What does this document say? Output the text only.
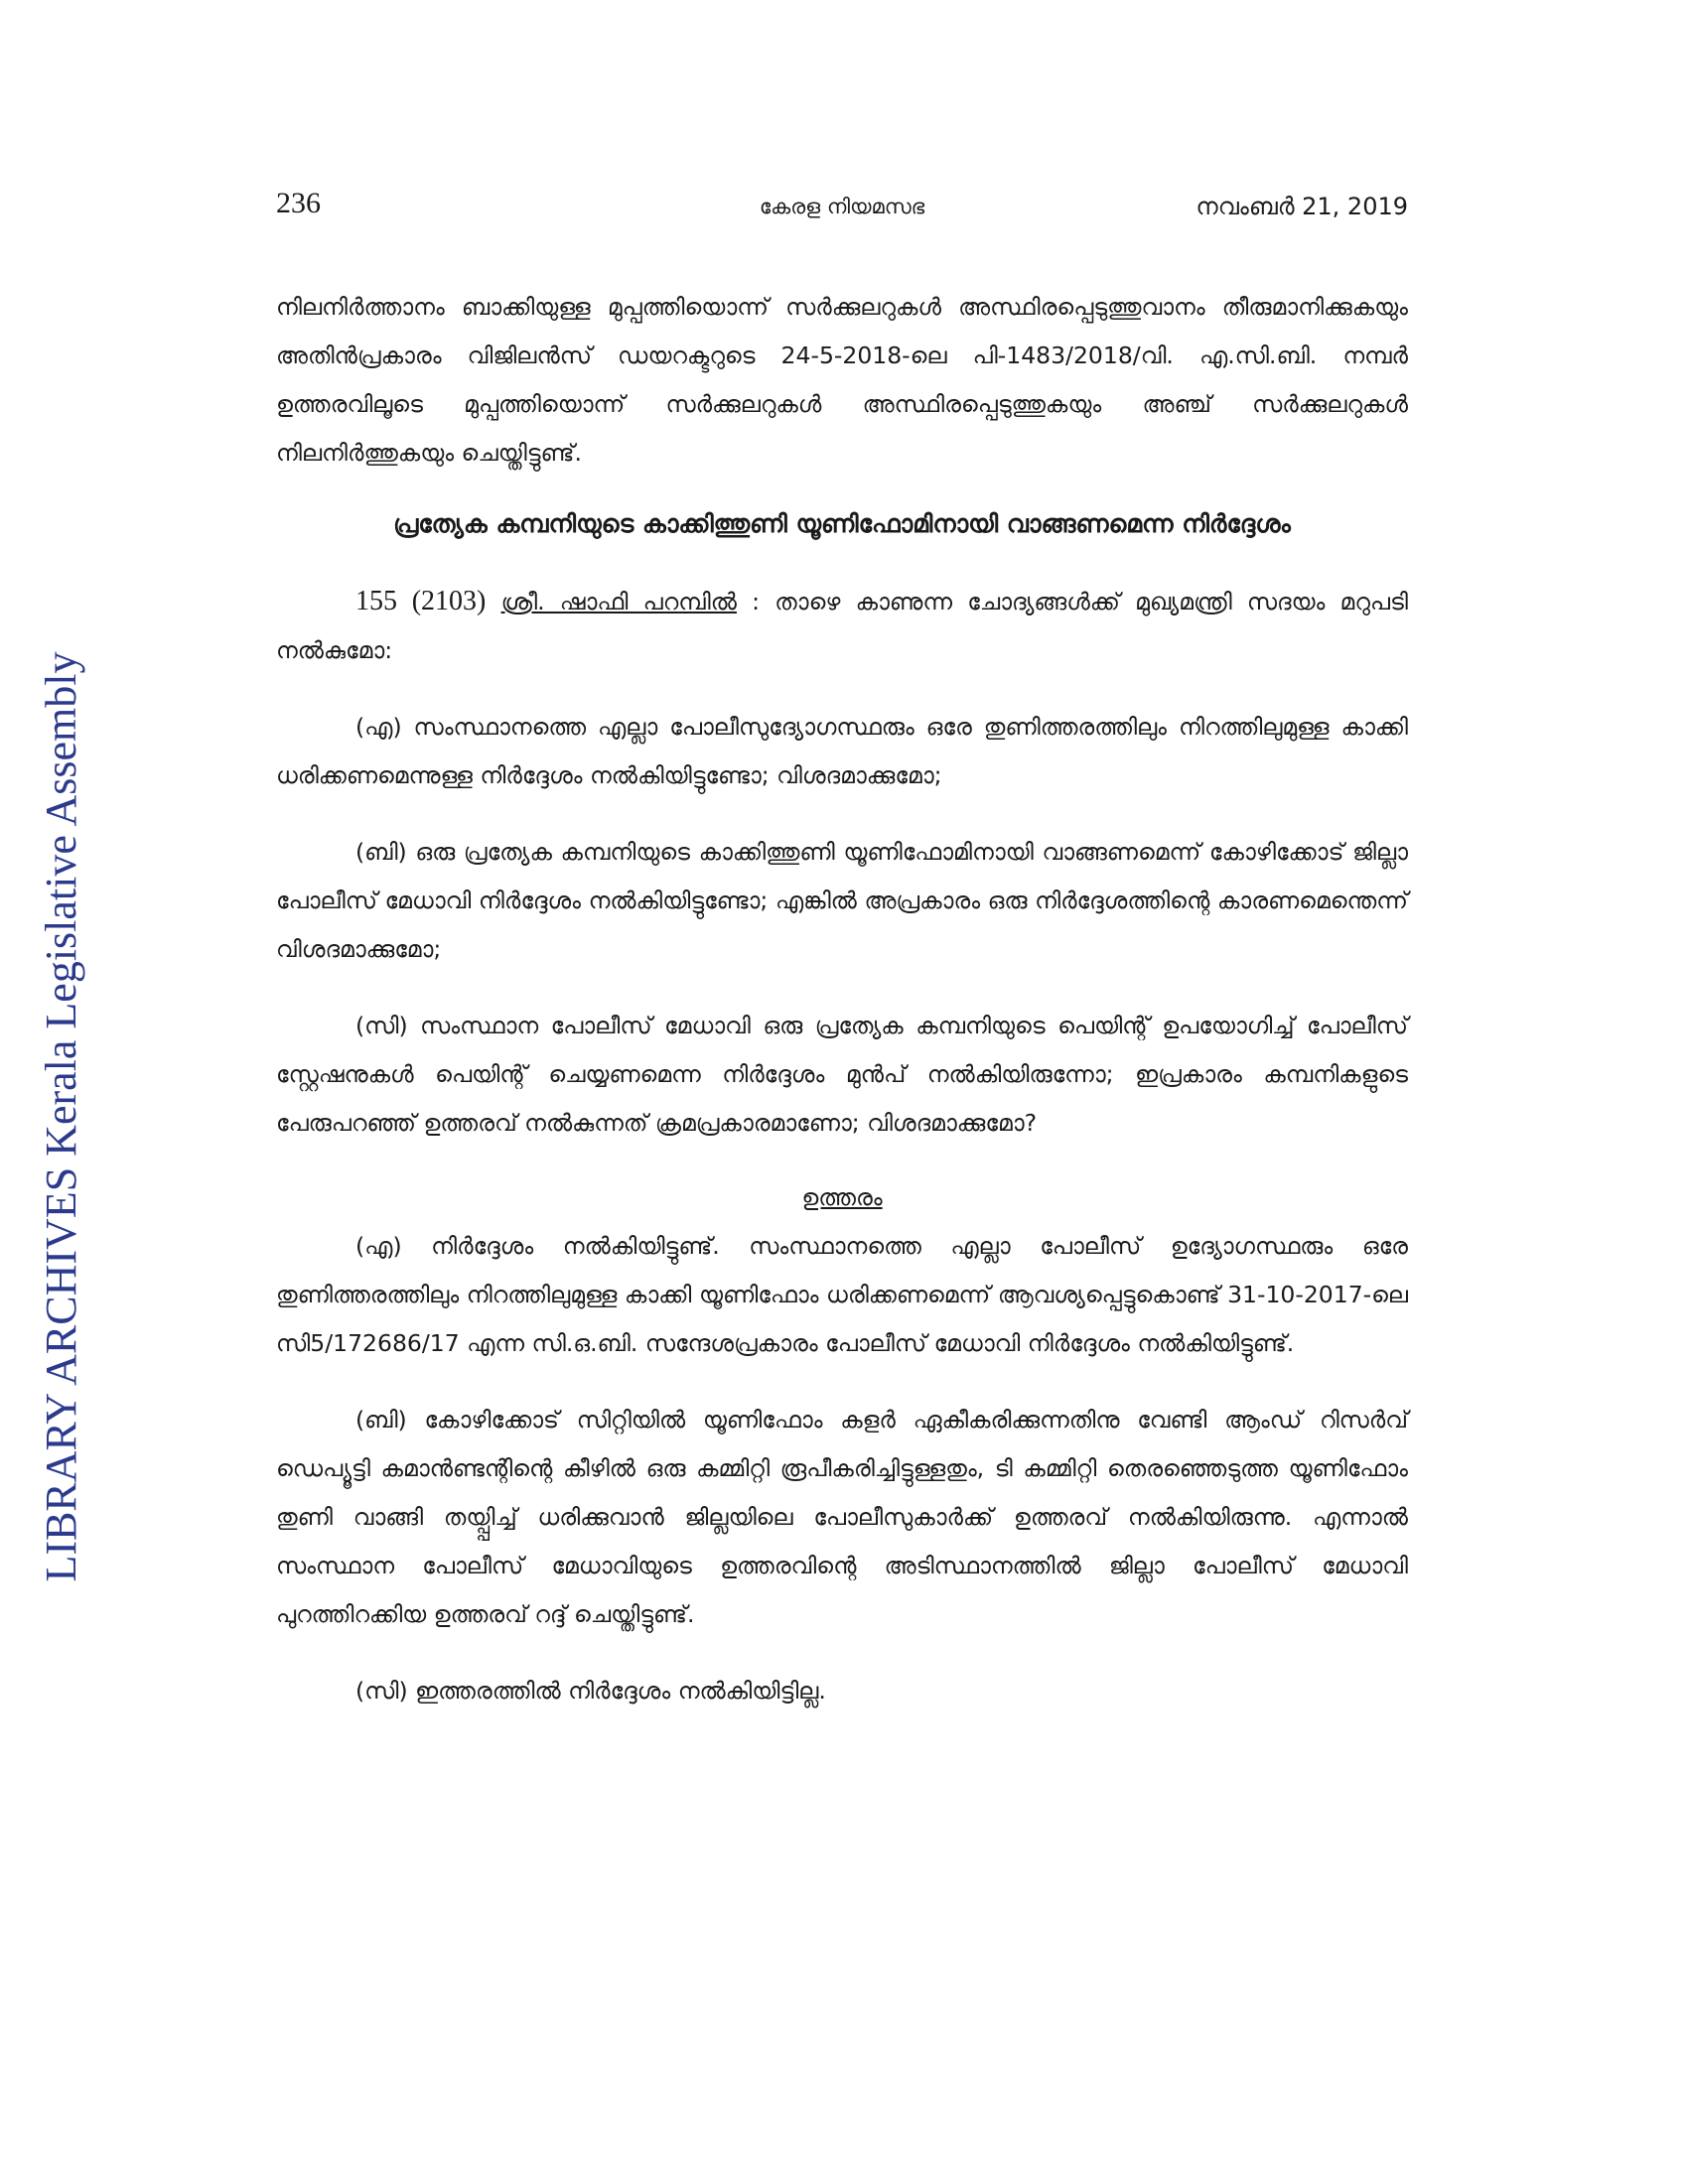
LIBRARY ARCHIVES Kerala Legislative Assembly
236	കേരള നിയമസഭ	നവംബർ 21, 2019

നിലനിർത്താനം ബാക്കിയുള്ള മുപ്പത്തിയൊന്ന് സർക്കുലറുകൾ അസ്ഥിരപ്പെടുത്തുവാനം തീരുമാനിക്കുകയും അതിൻപ്രകാരം വിജിലൻസ് ഡയറക്ടറുടെ 24-5-2018-ലെ പി-1483/2018/വി. എ.സി.ബി. നമ്പർ ഉത്തരവിലൂടെ മുപ്പത്തിയൊന്ന് സർക്കുലറുകൾ അസ്ഥിരപ്പെടുത്തുകയും അഞ്ച് സർക്കുലറുകൾ നിലനിർത്തുകയും ചെയ്തിട്ടുണ്ട്.

പ്രത്യേക കമ്പനിയുടെ കാക്കിത്തുണി യൂണിഫോമിനായി വാങ്ങണമെന്ന നിർദ്ദേശം

155 (2103) ശ്രീ. ഷാഫി പറമ്പിൽ : താഴെ കാണുന്ന ചോദ്യങ്ങൾക്ക് മുഖ്യമന്ത്രി സദയം മറുപടി നൽകുമോ:

(എ) സംസ്ഥാനത്തെ എല്ലാ പോലീസുദ്യോഗസ്ഥരും ഒരേ തുണിത്തരത്തിലും നിറത്തിലുമുള്ള കാക്കി ധരിക്കണമെന്നുള്ള നിർദ്ദേശം നൽകിയിട്ടുണ്ടോ; വിശദമാക്കുമോ;

(ബി) ഒരു പ്രത്യേക കമ്പനിയുടെ കാക്കിത്തുണി യൂണിഫോമിനായി വാങ്ങണമെന്ന് കോഴിക്കോട് ജില്ലാ പോലീസ് മേധാവി നിർദ്ദേശം നൽകിയിട്ടുണ്ടോ; എങ്കിൽ അപ്രകാരം ഒരു നിർദ്ദേശത്തിന്റെ കാരണമെന്തെന്ന് വിശദമാക്കുമോ;

(സി) സംസ്ഥാന പോലീസ് മേധാവി ഒരു പ്രത്യേക കമ്പനിയുടെ പെയിന്റ് ഉപയോഗിച്ച് പോലീസ് സ്റ്റേഷനുകൾ പെയിന്റ് ചെയ്യണമെന്ന നിർദ്ദേശം മുൻപ് നൽകിയിരുന്നോ; ഇപ്രകാരം കമ്പനികളുടെ പേരുപറഞ്ഞ് ഉത്തരവ് നൽകുന്നത് ക്രമപ്രകാരമാണോ; വിശദമാക്കുമോ?

ഉത്തരം

(എ) നിർദ്ദേശം നൽകിയിട്ടുണ്ട്. സംസ്ഥാനത്തെ എല്ലാ പോലീസ് ഉദ്യോഗസ്ഥരും ഒരേ തുണിത്തരത്തിലും നിറത്തിലുമുള്ള കാക്കി യൂണിഫോം ധരിക്കണമെന്ന് ആവശ്യപ്പെട്ടുകൊണ്ട് 31-10-2017-ലെ സി5/172686/17 എന്ന സി.ഒ.ബി. സന്ദേശപ്രകാരം പോലീസ് മേധാവി നിർദ്ദേശം നൽകിയിട്ടുണ്ട്.

(ബി) കോഴിക്കോട് സിറ്റിയിൽ യൂണിഫോം കളർ ഏകീകരിക്കുന്നതിനു വേണ്ടി ആംഡ് റിസർവ് ഡെപ്യൂട്ടി കമാൻണ്ടന്റിന്റെ കീഴിൽ ഒരു കമ്മിറ്റി രൂപീകരിച്ചിട്ടുള്ളതും, ടി കമ്മിറ്റി തെരഞ്ഞെടുത്ത യൂണിഫോം തുണി വാങ്ങി തയ്പ്പിച്ച് ധരിക്കുവാൻ ജില്ലയിലെ പോലീസുകാർക്ക് ഉത്തരവ് നൽകിയിരുന്നു. എന്നാൽ സംസ്ഥാന പോലീസ് മേധാവിയുടെ ഉത്തരവിന്റെ അടിസ്ഥാനത്തിൽ ജില്ലാ പോലീസ് മേധാവി പുറത്തിറക്കിയ ഉത്തരവ് റദ്ദ് ചെയ്തിട്ടുണ്ട്.

(സി) ഇത്തരത്തിൽ നിർദ്ദേശം നൽകിയിട്ടില്ല.
